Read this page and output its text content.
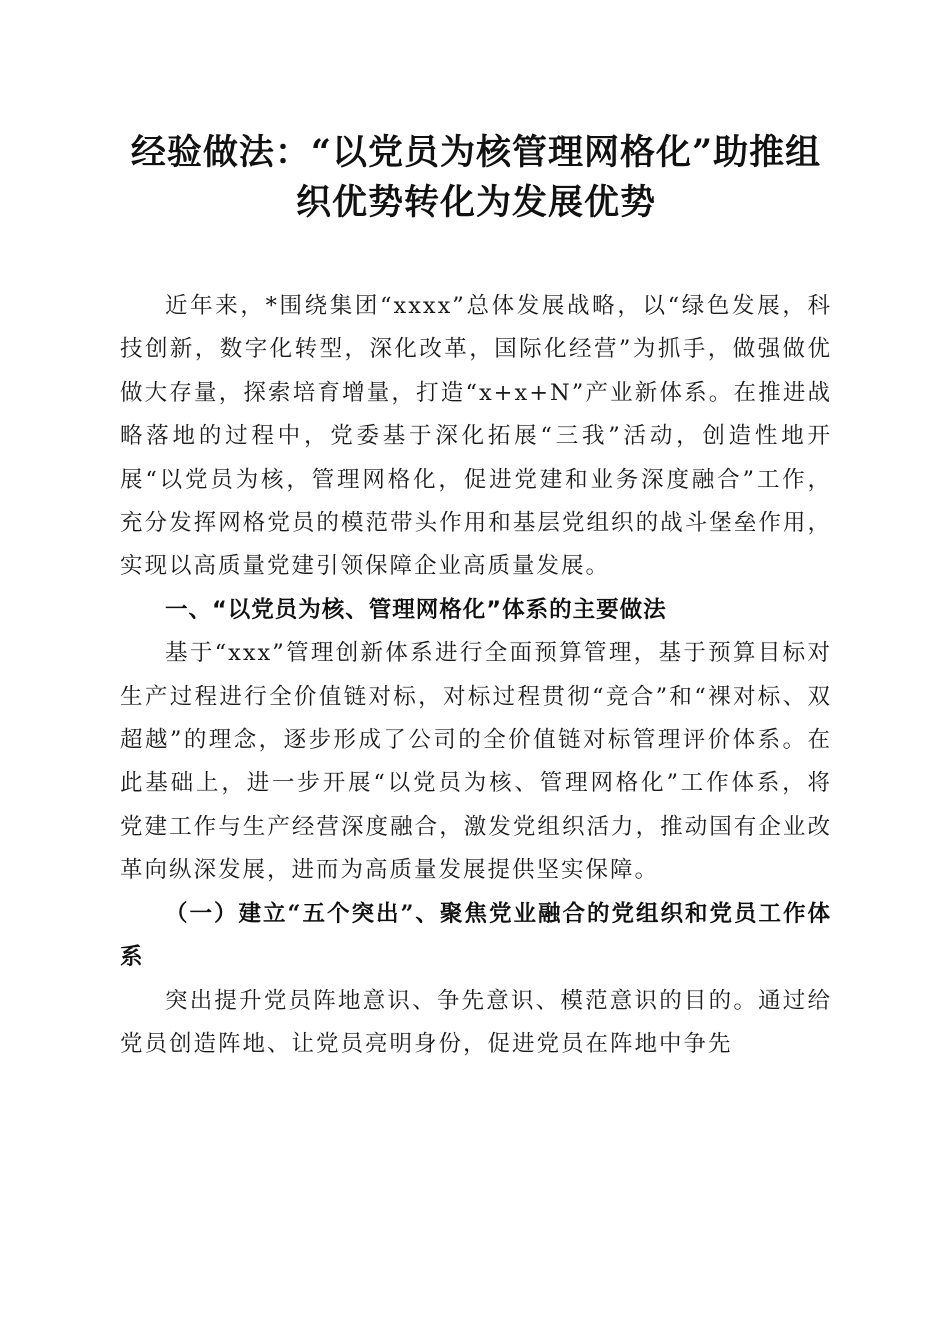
经验做法：“以党员为核管理网格化”助推组
织优势转化为发展优势

近年来，*围绕集团“xxxx”总体发展战略，以“绿色发展，科技创新，数字化转型，深化改革，国际化经营”为抓手，做强做优做大存量，探索培育增量，打造“x+x+N”产业新体系。在推进战略落地的过程中，党委基于深化拓展“三我”活动，创造性地开展“以党员为核，管理网格化，促进党建和业务深度融合”工作，充分发挥网格党员的模范带头作用和基层党组织的战斗堡垒作用，实现以高质量党建引领保障企业高质量发展。

一、“以党员为核、管理网格化”体系的主要做法

基于“xxx”管理创新体系进行全面预算管理，基于预算目标对生产过程进行全价值链对标，对标过程贯彻“竞合”和“裸对标、双超越”的理念，逐步形成了公司的全价值链对标管理评价体系。在此基础上，进一步开展“以党员为核、管理网格化”工作体系，将党建工作与生产经营深度融合，激发党组织活力，推动国有企业改革向纵深发展，进而为高质量发展提供坚实保障。

（一）建立“五个突出”、聚焦党业融合的党组织和党员工作体系

突出提升党员阵地意识、争先意识、模范意识的目的。通过给党员创造阵地、让党员亮明身份，促进党员在阵地中争先
